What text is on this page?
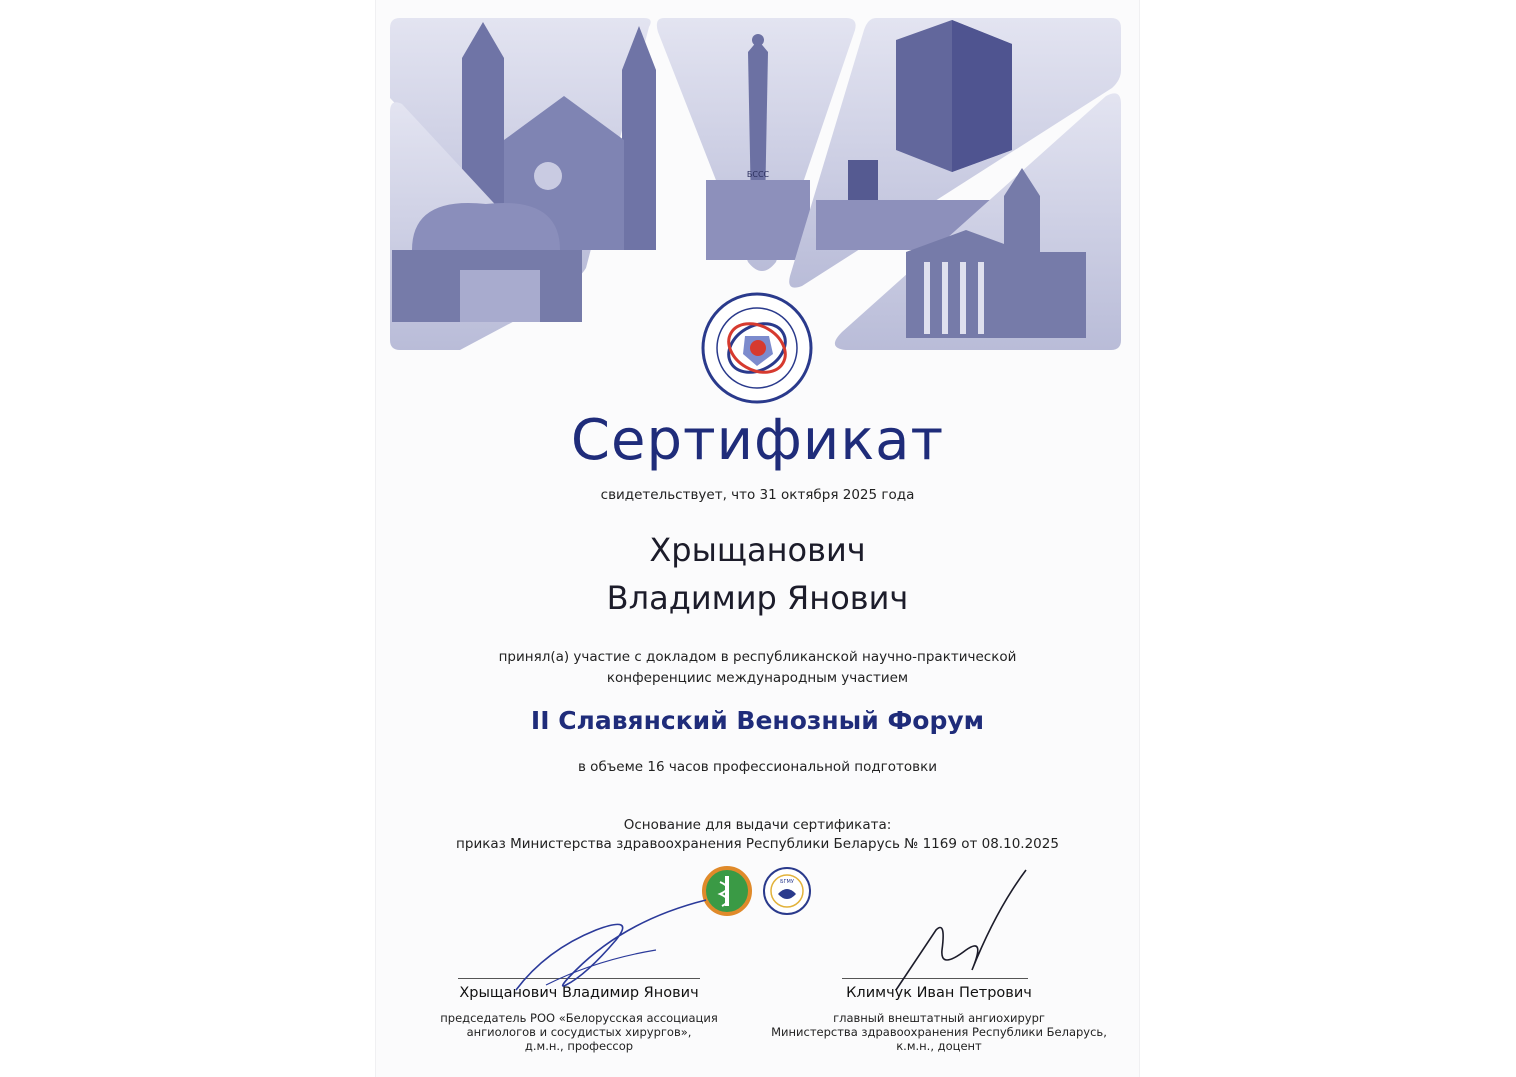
БССС
Сертификат
свидетельствует, что 31 октября 2025 года
Хрыщанович
Владимир Янович
принял(а) участие с докладом в республиканской научно-практической
конференциис международным участием
II Славянский Венозный Форум
в объеме 16 часов профессиональной подготовки
Основание для выдачи сертификата:
приказ Министерства здравоохранения Республики Беларусь № 1169 от 08.10.2025
БГМУ
Хрыщанович Владимир Янович
председатель РОО «Белорусская ассоциация
ангиологов и сосудистых хирургов»,
д.м.н., профессор
Климчук Иван Петрович
главный внештатный ангиохирург
Министерства здравоохранения Республики Беларусь,
к.м.н., доцент
